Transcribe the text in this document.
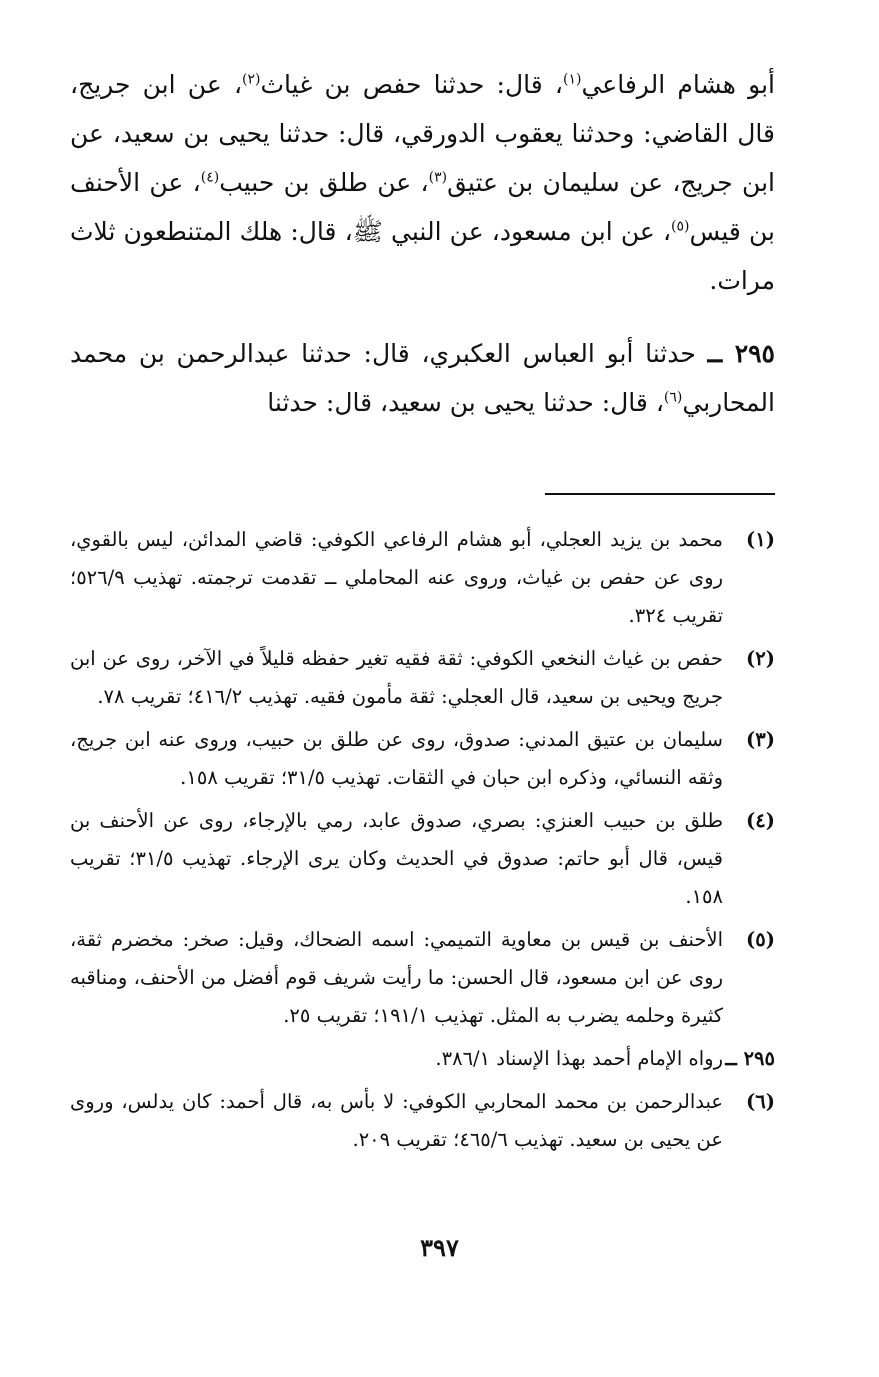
أبو هشام الرفاعي$^{(١)}$، قال: حدثنا حفص بن غياث$^{(٢)}$، عن ابن جريج، قال القاضي: وحدثنا يعقوب الدورقي، قال: حدثنا يحيى بن سعيد، عن ابن جريج، عن سليمان بن عتيق$^{(٣)}$، عن طلق بن حبيب$^{(٤)}$، عن الأحنف بن قيس$^{(٥)}$، عن ابن مسعود، عن النبي ﷺ، قال: هلك المتنطعون ثلاث مرات.

٢٩٥ ــ حدثنا أبو العباس العكبري، قال: حدثنا عبدالرحمن بن محمد المحاربي$^{(٦)}$، قال: حدثنا يحيى بن سعيد، قال: حدثنا

(١)
محمد بن يزيد العجلي، أبو هشام الرفاعي الكوفي: قاضي المدائن، ليس بالقوي، روى عن حفص بن غياث، وروى عنه المحاملي ــ تقدمت ترجمته. تهذيب ٥٢٦/٩؛ تقريب ٣٢٤.
(٢)
حفص بن غياث النخعي الكوفي: ثقة فقيه تغير حفظه قليلاً في الآخر، روى عن ابن جريج ويحيى بن سعيد، قال العجلي: ثقة مأمون فقيه. تهذيب ٤١٦/٢؛ تقريب ٧٨.
(٣)
سليمان بن عتيق المدني: صدوق، روى عن طلق بن حبيب، وروى عنه ابن جريج، وثقه النسائي، وذكره ابن حبان في الثقات. تهذيب ٣١/٥؛ تقريب ١٥٨.
(٤)
طلق بن حبيب العنزي: بصري، صدوق عابد، رمي بالإرجاء، روى عن الأحنف بن قيس، قال أبو حاتم: صدوق في الحديث وكان يرى الإرجاء. تهذيب ٣١/٥؛ تقريب ١٥٨.
(٥)
الأحنف بن قيس بن معاوية التميمي: اسمه الضحاك، وقيل: صخر: مخضرم ثقة، روى عن ابن مسعود، قال الحسن: ما رأيت شريف قوم أفضل من الأحنف، ومناقبه كثيرة وحلمه يضرب به المثل. تهذيب ١٩١/١؛ تقريب ٢٥.
٢٩٥ ــ
رواه الإمام أحمد بهذا الإسناد ٣٨٦/١.
(٦)
عبدالرحمن بن محمد المحاربي الكوفي: لا بأس به، قال أحمد: كان يدلس، وروى عن يحيى بن سعيد. تهذيب ٤٦٥/٦؛ تقريب ٢٠٩.
٣٩٧
